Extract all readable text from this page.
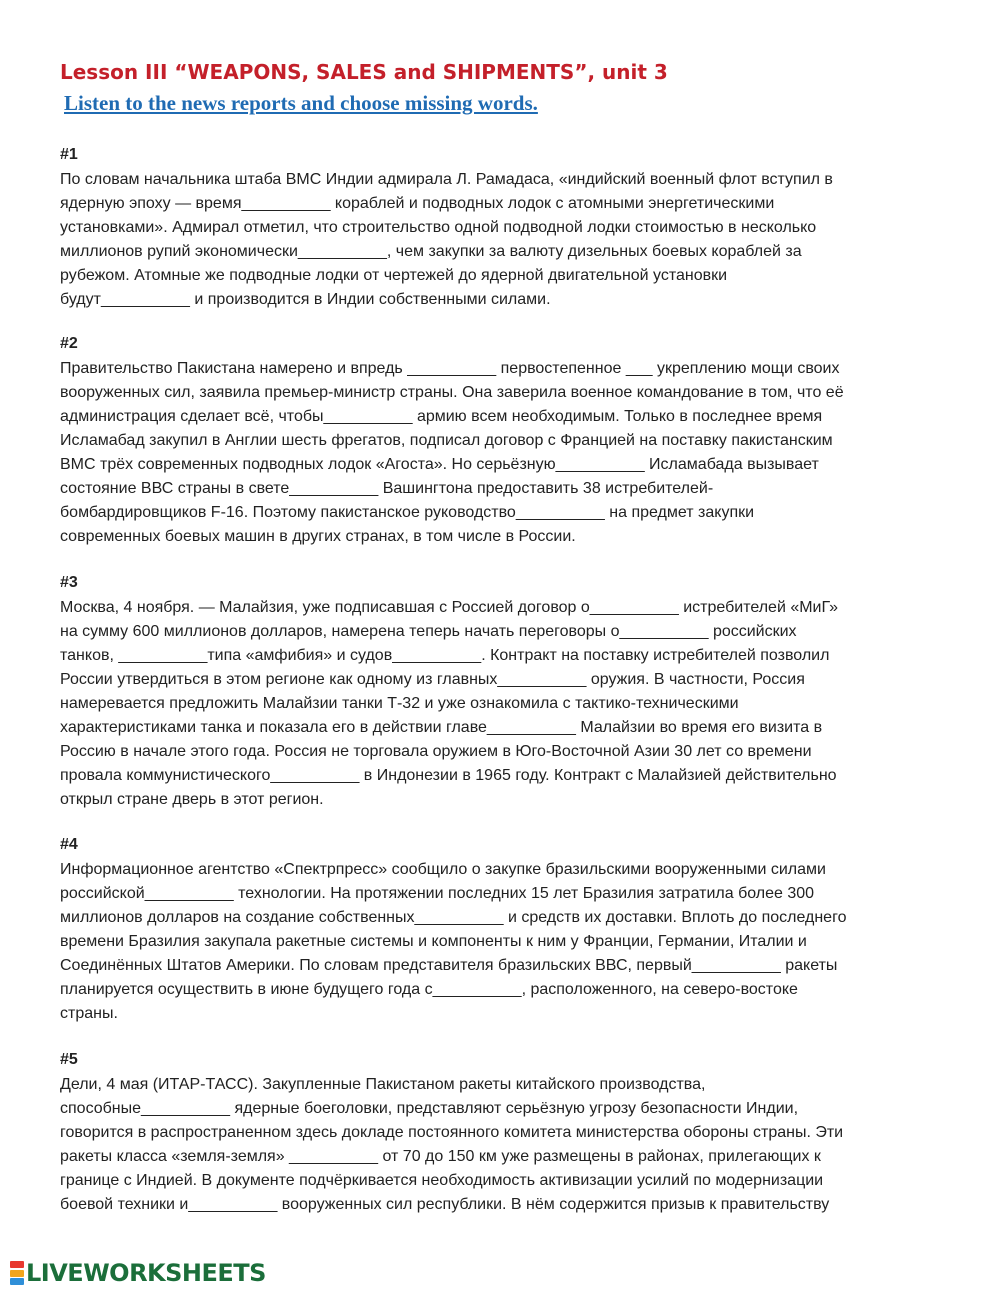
Lesson III “WEAPONS, SALES and SHIPMENTS”, unit 3
Listen to the news reports and choose missing words.
#1
По словам начальника штаба ВМС Индии адмирала Л. Рамадаса, «индийский военный флот вступил в
ядерную эпоху — время__________ кораблей и подводных лодок с атомными энергетическими
установками». Адмирал отметил, что строительство одной подводной лодки стоимостью в несколько
миллионов рупий экономически__________, чем закупки за валюту дизельных боевых кораблей за
рубежом. Атомные же подводные лодки от чертежей до ядерной двигательной установки
будут__________ и производится в Индии собственными силами.
#2
Правительство Пакистана намерено и впредь __________ первостепенное ___ укреплению мощи своих
вооруженных сил, заявила премьер-министр страны. Она заверила военное командование в том, что её
администрация сделает всё, чтобы__________ армию всем необходимым. Только в последнее время
Исламабад закупил в Англии шесть фрегатов, подписал договор с Францией на поставку пакистанским
ВМС трёх современных подводных лодок «Агоста». Но серьёзную__________ Исламабада вызывает
состояние ВВС страны в свете__________ Вашингтона предоставить 38 истребителей-
бомбардировщиков F-16. Поэтому пакистанское руководство__________ на предмет закупки
современных боевых машин в других странах, в том числе в России.
#3
Москва, 4 ноября. — Малайзия, уже подписавшая с Россией договор о__________ истребителей «МиГ»
на сумму 600 миллионов долларов, намерена теперь начать переговоры о__________ российских
танков, __________типа «амфибия» и судов__________. Контракт на поставку истребителей позволил
России утвердиться в этом регионе как одному из главных__________ оружия. В частности, Россия
намеревается предложить Малайзии танки Т-32 и уже ознакомила с тактико-техническими
характеристиками танка и показала его в действии главе__________ Малайзии во время его визита в
Россию в начале этого года. Россия не торговала оружием в Юго-Восточной Азии 30 лет со времени
провала коммунистического__________ в Индонезии в 1965 году. Контракт с Малайзией действительно
открыл стране дверь в этот регион.
#4
Информационное агентство «Спектрпресс» сообщило о закупке бразильскими вооруженными силами
российской__________ технологии. На протяжении последних 15 лет Бразилия затратила более 300
миллионов долларов на создание собственных__________ и средств их доставки. Вплоть до последнего
времени Бразилия закупала ракетные системы и компоненты к ним у Франции, Германии, Италии и
Соединённых Штатов Америки. По словам представителя бразильских ВВС, первый__________ ракеты
планируется осуществить в июне будущего года с__________, расположенного, на северо-востоке
страны.
#5
Дели, 4 мая (ИТАР-ТАСС). Закупленные Пакистаном ракеты китайского производства,
способные__________ ядерные боеголовки, представляют серьёзную угрозу безопасности Индии,
говорится в распространенном здесь докладе постоянного комитета министерства обороны страны. Эти
ракеты класса «земля-земля» __________ от 70 до 150 км уже размещены в районах, прилегающих к
границе с Индией. В документе подчёркивается необходимость активизации усилий по модернизации
боевой техники и__________ вооруженных сил республики. В нём содержится призыв к правительству
LIVEWORKSHEETS
